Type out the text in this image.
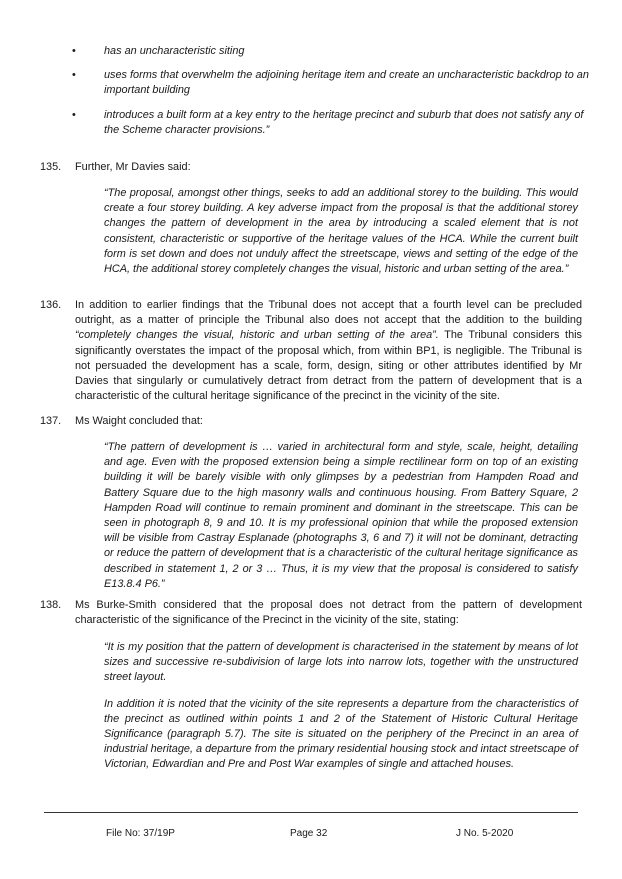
•	has an uncharacteristic siting
•	uses forms that overwhelm the adjoining heritage item and create an uncharacteristic backdrop to an important building
•	introduces a built form at a key entry to the heritage precinct and suburb that does not satisfy any of the Scheme character provisions.”
135. Further, Mr Davies said:

“The proposal, amongst other things, seeks to add an additional storey to the building. This would create a four storey building. A key adverse impact from the proposal is that the additional storey changes the pattern of development in the area by introducing a scaled element that is not consistent, characteristic or supportive of the heritage values of the HCA. While the current built form is set down and does not unduly affect the streetscape, views and setting of the edge of the HCA, the additional storey completely changes the visual, historic and urban setting of the area.”

136. In addition to earlier findings that the Tribunal does not accept that a fourth level can be precluded outright, as a matter of principle the Tribunal also does not accept that the addition to the building “completely changes the visual, historic and urban setting of the area”. The Tribunal considers this significantly overstates the impact of the proposal which, from within BP1, is negligible. The Tribunal is not persuaded the development has a scale, form, design, siting or other attributes identified by Mr Davies that singularly or cumulatively detract from detract from the pattern of development that is a characteristic of the cultural heritage significance of the precinct in the vicinity of the site.
137. Ms Waight concluded that:

“The pattern of development is … varied in architectural form and style, scale, height, detailing and age. Even with the proposed extension being a simple rectilinear form on top of an existing building it will be barely visible with only glimpses by a pedestrian from Hampden Road and Battery Square due to the high masonry walls and continuous housing. From Battery Square, 2 Hampden Road will continue to remain prominent and dominant in the streetscape. This can be seen in photograph 8, 9 and 10. It is my professional opinion that while the proposed extension will be visible from Castray Esplanade (photographs 3, 6 and 7) it will not be dominant, detracting or reduce the pattern of development that is a characteristic of the cultural heritage significance as described in statement 1, 2 or 3 … Thus, it is my view that the proposal is considered to satisfy E13.8.4 P6.”

138. Ms Burke-Smith considered that the proposal does not detract from the pattern of development characteristic of the significance of the Precinct in the vicinity of the site, stating:

“It is my position that the pattern of development is characterised in the statement by means of lot sizes and successive re-subdivision of large lots into narrow lots, together with the unstructured street layout.

In addition it is noted that the vicinity of the site represents a departure from the characteristics of the precinct as outlined within points 1 and 2 of the Statement of Historic Cultural Heritage Significance (paragraph 5.7). The site is situated on the periphery of the Precinct in an area of industrial heritage, a departure from the primary residential housing stock and intact streetscape of Victorian, Edwardian and Pre and Post War examples of single and attached houses.

File No: 37/19P	Page 32	J No. 5-2020
